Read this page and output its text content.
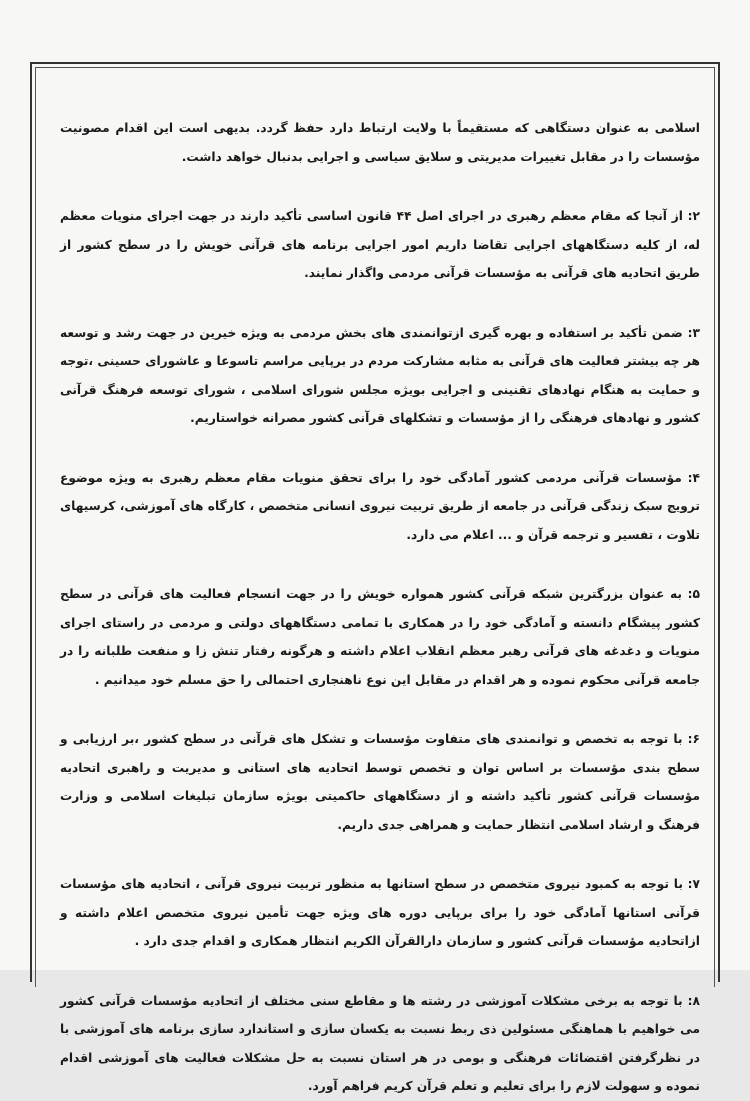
اسلامی به عنوان دستگاهی که مستقیماً با ولایت ارتباط دارد حفظ گردد. بدیهی است این اقدام مصونیت مؤسسات را در مقابل تغییرات مدیریتی و سلایق سیاسی و اجرایی بدنبال خواهد داشت.

۲: از آنجا که مقام معظم رهبری در اجرای اصل ۴۴ قانون اساسی تأکید دارند در جهت اجرای منویات معظم له، از کلیه دستگاههای اجرایی تقاضا داریم امور اجرایی برنامه های قرآنی خویش را در سطح کشور از طریق اتحادیه های قرآنی به مؤسسات قرآنی مردمی واگذار نمایند.

۳: ضمن تأکید بر استفاده و بهره گیری ازتوانمندی های بخش مردمی به ویژه خیرین در جهت رشد و توسعه هر چه بیشتر فعالیت های قرآنی به مثابه مشارکت مردم در برپایی مراسم تاسوعا و عاشورای حسینی ،توجه و حمایت به هنگام نهادهای تقنینی و اجرایی بویژه مجلس شورای اسلامی ، شورای توسعه فرهنگ قرآنی کشور و نهادهای فرهنگی را از مؤسسات و تشکلهای قرآنی کشور مصرانه خواستاریم.

۴: مؤسسات قرآنی مردمی کشور آمادگی خود را برای تحقق منویات مقام معظم رهبری به ویژه موضوع ترویج سبک زندگی قرآنی در جامعه از طریق تربیت نیروی انسانی متخصص ، کارگاه های آموزشی، کرسیهای تلاوت ، تفسیر و ترجمه قرآن و ... اعلام می دارد.

۵: به عنوان بزرگترین شبکه قرآنی کشور همواره خویش را در جهت انسجام فعالیت های قرآنی در سطح کشور پیشگام دانسته و آمادگی خود را در همکاری با تمامی دستگاههای دولتی و مردمی در راستای اجرای منویات و دغدغه های قرآنی رهبر معظم انقلاب اعلام داشته و هرگونه رفتار تنش زا و منفعت طلبانه را در جامعه قرآنی محکوم نموده و هر اقدام در مقابل این نوع ناهنجاری احتمالی را حق مسلم خود میدانیم .

۶: با توجه به تخصص و توانمندی های متفاوت مؤسسات و تشکل های قرآنی در سطح کشور ،بر ارزیابی و سطح بندی مؤسسات بر اساس توان و تخصص توسط اتحادیه های استانی و مدیریت و راهبری اتحادیه مؤسسات قرآنی کشور تأکید داشته و از دستگاههای حاکمیتی بویژه سازمان تبلیغات اسلامی و وزارت فرهنگ و ارشاد اسلامی انتظار حمایت و همراهی جدی داریم.

۷: با توجه به کمبود نیروی متخصص در سطح استانها به منظور تربیت نیروی قرآنی ، اتحادیه های مؤسسات قرآنی استانها آمادگی خود را برای برپایی دوره های ویژه جهت تأمین نیروی متخصص اعلام داشته و ازاتحادیه مؤسسات قرآنی کشور و سازمان دارالقرآن الکریم انتظار همکاری و اقدام جدی دارد .

۸: با توجه به برخی مشکلات آموزشی در رشته ها و مقاطع سنی مختلف از اتحادیه مؤسسات قرآنی کشور می خواهیم با هماهنگی مسئولین ذی ربط نسبت به یکسان سازی و استاندارد سازی برنامه های آموزشی با در نظرگرفتن اقتضائات فرهنگی و بومی در هر استان نسبت به حل مشکلات فعالیت های آموزشی اقدام نموده و سهولت لازم را برای تعلیم و تعلم قرآن کریم فراهم آورد.
